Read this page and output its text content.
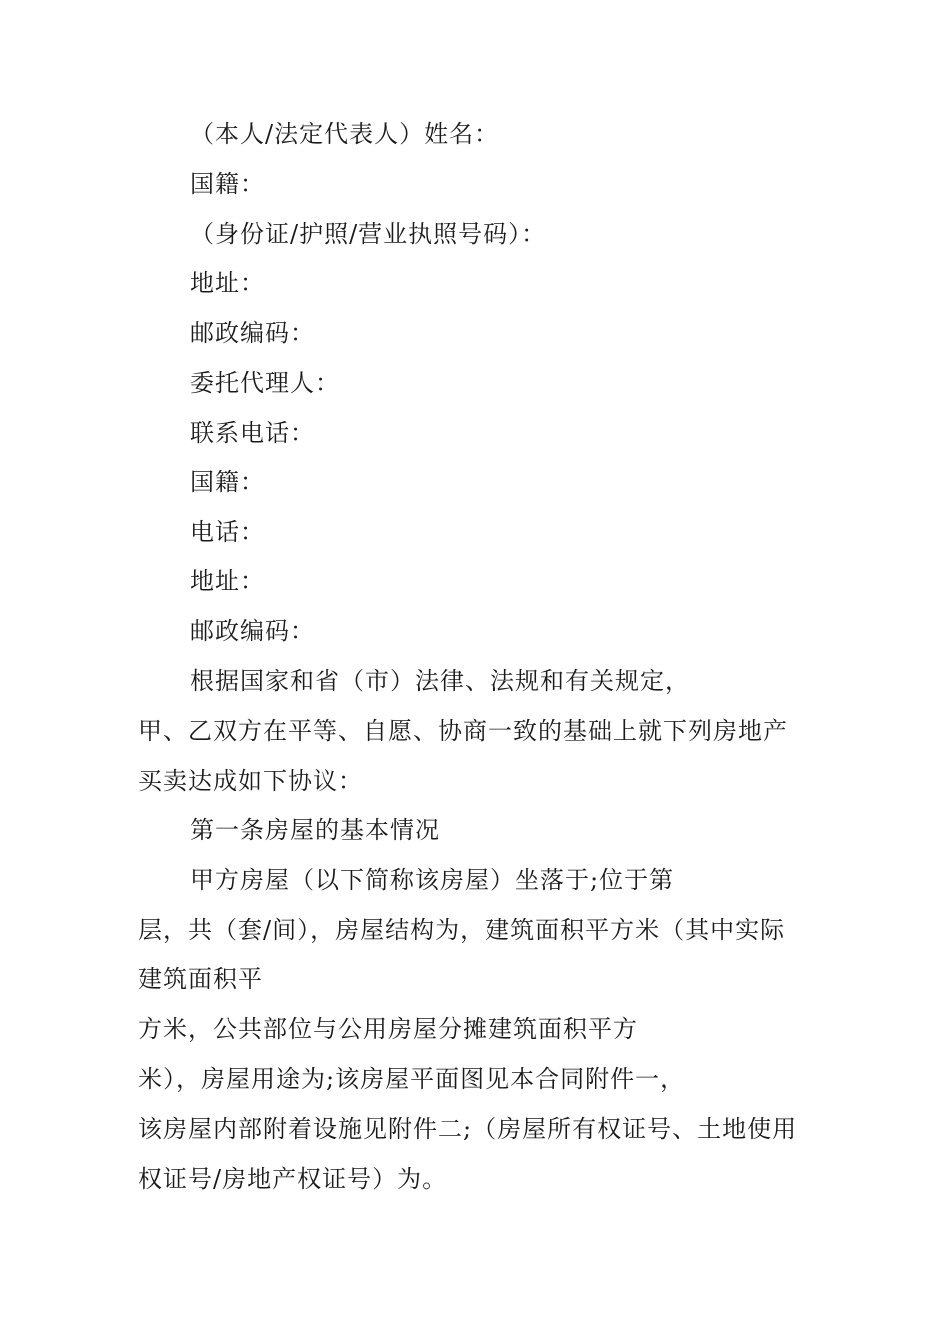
（本人/法定代表人）姓名：
国籍：
（身份证/护照/营业执照号码）：
地址：
邮政编码：
委托代理人：
联系电话：
国籍：
电话：
地址：
邮政编码：
根据国家和省（市）法律、法规和有关规定，
甲、乙双方在平等、自愿、协商一致的基础上就下列房地产
买卖达成如下协议：
第一条房屋的基本情况
甲方房屋（以下简称该房屋）坐落于;位于第
层，共（套/间），房屋结构为，建筑面积平方米（其中实际
建筑面积平
方米，公共部位与公用房屋分摊建筑面积平方
米），房屋用途为;该房屋平面图见本合同附件一，
该房屋内部附着设施见附件二;（房屋所有权证号、土地使用
权证号/房地产权证号）为。
